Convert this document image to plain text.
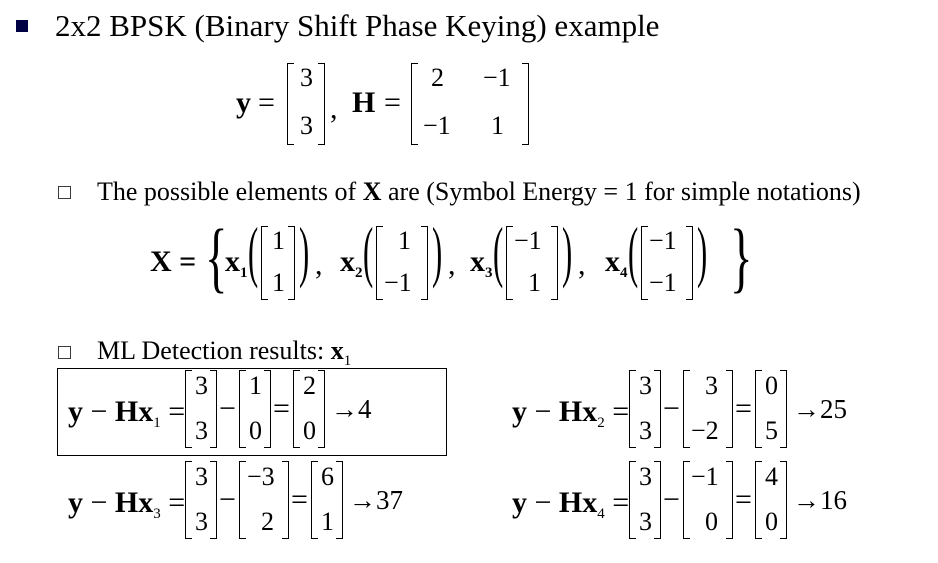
2x2 BPSK (Binary Shift Phase Keying) example
y =
3
3
, H =
2 −1
−1 1
The possible elements of X are (Symbol Energy = 1 for simple notations)
X = {	}
$x_1$ ( 1
1 ) , $x_2$ ( 1
−1 ) , $x_3$ ( −1
1 ) , $x_4$ ( −1
−1 )
ML Detection results: $x_1$
$y - Hx_1$ =
3
3
−
1
0
=
2
0
→4	$y - Hx_2$ =
3
3
−
3
−2
=
0
5
→25
$y - Hx_3$ =
3
3
−
−3
2
=
6
1
→37	$y - Hx_4$ =
3
3
−
−1
0
=
4
0
→16
